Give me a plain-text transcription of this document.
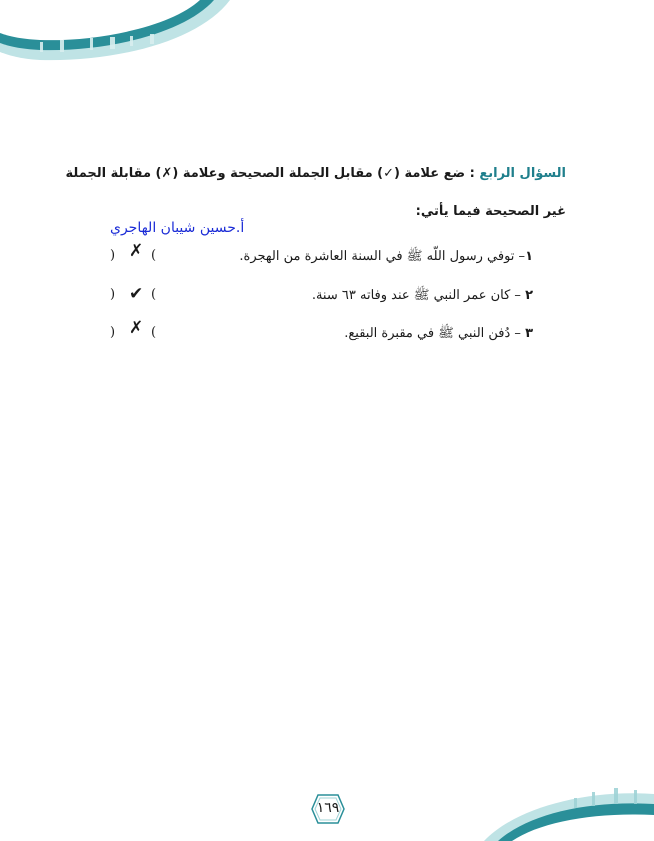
السؤال الرابع : ضع علامة (✓) مقابل الجملة الصحيحة وعلامة (✗) مقابلة الجملة
غير الصحيحة فيما يأتي:
أ.حسين شيبان الهاجري
١– توفي رسول اللّه ﷺ في السنة العاشرة من الهجرة.
) ✗ (
٢ – كان عمر النبي ﷺ عند وفاته ٦٣ سنة.
) ✔ (
٣ – دُفن النبي ﷺ في مقبرة البقيع.
) ✗ (
١٦٩
